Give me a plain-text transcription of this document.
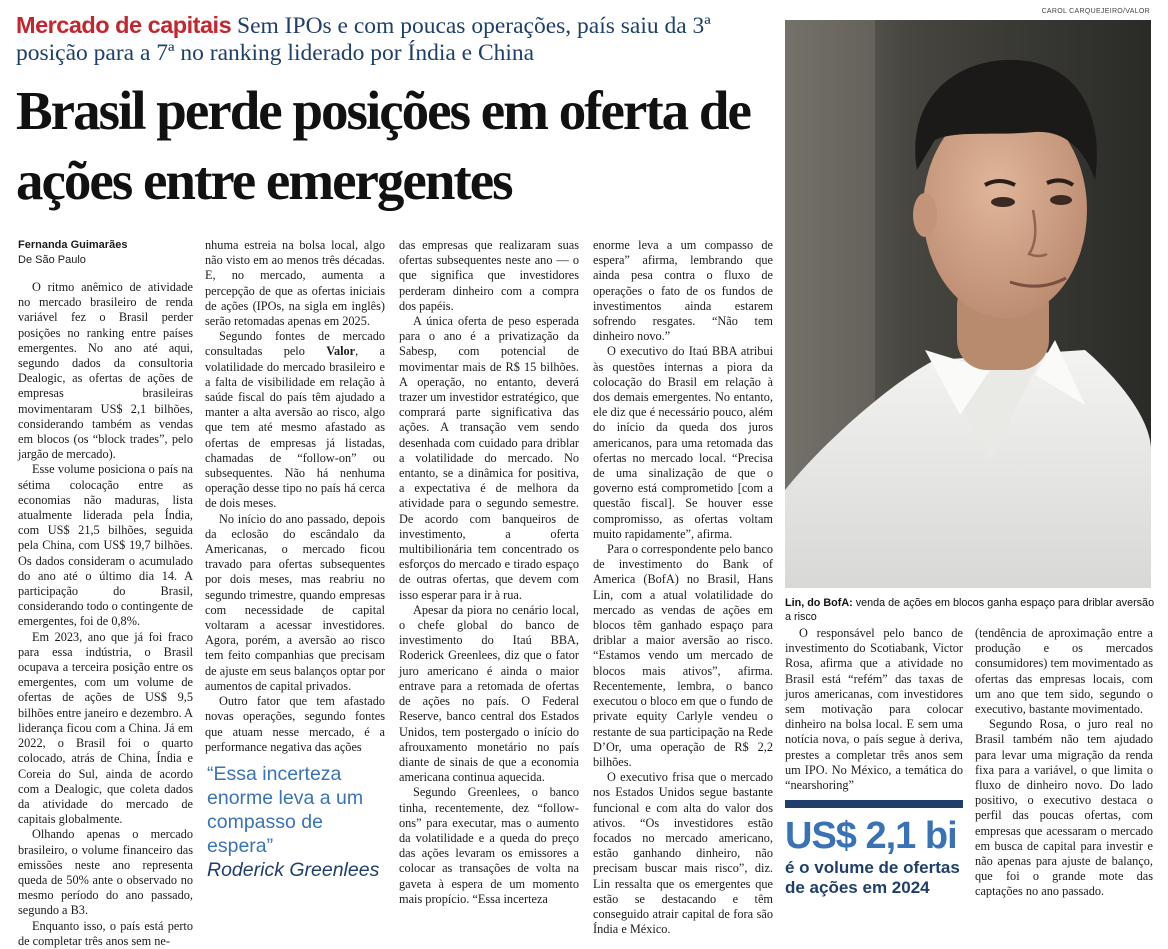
Mercado de capitais Sem IPOs e com poucas operações, país saiu da 3ª posição para a 7ª no ranking liderado por Índia e China
Brasil perde posições em oferta de ações entre emergentes
Fernanda Guimarães
De São Paulo

O ritmo anêmico de atividade no mercado brasileiro de renda variável fez o Brasil perder posições no ranking entre países emergentes. No ano até aqui, segundo dados da consultoria Dealogic, as ofertas de ações de empresas brasileiras movimentaram US$ 2,1 bilhões, considerando também as vendas em blocos (os “block trades”, pelo jargão de mercado).

Esse volume posiciona o país na sétima colocação entre as economias não maduras, lista atualmente liderada pela Índia, com US$ 21,5 bilhões, seguida pela China, com US$ 19,7 bilhões. Os dados consideram o acumulado do ano até o último dia 14. A participação do Brasil, considerando todo o contingente de emergentes, foi de 0,8%.

Em 2023, ano que já foi fraco para essa indústria, o Brasil ocupava a terceira posição entre os emergentes, com um volume de ofertas de ações de US$ 9,5 bilhões entre janeiro e dezembro. A liderança ficou com a China. Já em 2022, o Brasil foi o quarto colocado, atrás de China, Índia e Coreia do Sul, ainda de acordo com a Dealogic, que coleta dados da atividade do mercado de capitais globalmente.

Olhando apenas o mercado brasileiro, o volume financeiro das emissões neste ano representa queda de 50% ante o observado no mesmo período do ano passado, segundo a B3.

Enquanto isso, o país está perto de completar três anos sem ne-

nhuma estreia na bolsa local, algo não visto em ao menos três décadas. E, no mercado, aumenta a percepção de que as ofertas iniciais de ações (IPOs, na sigla em inglês) serão retomadas apenas em 2025.

Segundo fontes de mercado consultadas pelo Valor, a volatilidade do mercado brasileiro e a falta de visibilidade em relação à saúde fiscal do país têm ajudado a manter a alta aversão ao risco, algo que tem até mesmo afastado as ofertas de empresas já listadas, chamadas de “follow-on” ou subsequentes. Não há nenhuma operação desse tipo no país há cerca de dois meses.

No início do ano passado, depois da eclosão do escândalo da Americanas, o mercado ficou travado para ofertas subsequentes por dois meses, mas reabriu no segundo trimestre, quando empresas com necessidade de capital voltaram a acessar investidores. Agora, porém, a aversão ao risco tem feito companhias que precisam de ajuste em seus balanços optar por aumentos de capital privados.

Outro fator que tem afastado novas operações, segundo fontes que atuam nesse mercado, é a performance negativa das ações

“Essa incerteza enorme leva a um compasso de espera”
Roderick Greenlees

das empresas que realizaram suas ofertas subsequentes neste ano — o que significa que investidores perderam dinheiro com a compra dos papéis.

A única oferta de peso esperada para o ano é a privatização da Sabesp, com potencial de movimentar mais de R$ 15 bilhões. A operação, no entanto, deverá trazer um investidor estratégico, que comprará parte significativa das ações. A transação vem sendo desenhada com cuidado para driblar a volatilidade do mercado. No entanto, se a dinâmica for positiva, a expectativa é de melhora da atividade para o segundo semestre. De acordo com banqueiros de investimento, a oferta multibilionária tem concentrado os esforços do mercado e tirado espaço de outras ofertas, que devem com isso esperar para ir à rua.

Apesar da piora no cenário local, o chefe global do banco de investimento do Itaú BBA, Roderick Greenlees, diz que o fator juro americano é ainda o maior entrave para a retomada de ofertas de ações no país. O Federal Reserve, banco central dos Estados Unidos, tem postergado o início do afrouxamento monetário no país diante de sinais de que a economia americana continua aquecida.

Segundo Greenlees, o banco tinha, recentemente, dez “follow-ons” para executar, mas o aumento da volatilidade e a queda do preço das ações levaram os emissores a colocar as transações de volta na gaveta à espera de um momento mais propício. “Essa incerteza

enorme leva a um compasso de espera” afirma, lembrando que ainda pesa contra o fluxo de operações o fato de os fundos de investimentos ainda estarem sofrendo resgates. “Não tem dinheiro novo.”

O executivo do Itaú BBA atribui às questões internas a piora da colocação do Brasil em relação à dos demais emergentes. No entanto, ele diz que é necessário pouco, além do início da queda dos juros americanos, para uma retomada das ofertas no mercado local. “Precisa de uma sinalização de que o governo está comprometido [com a questão fiscal]. Se houver esse compromisso, as ofertas voltam muito rapidamente”, afirma.

Para o correspondente pelo banco de investimento do Bank of America (BofA) no Brasil, Hans Lin, com a atual volatilidade do mercado as vendas de ações em blocos têm ganhado espaço para driblar a maior aversão ao risco. “Estamos vendo um mercado de blocos mais ativos”, afirma. Recentemente, lembra, o banco executou o bloco em que o fundo de private equity Carlyle vendeu o restante de sua participação na Rede D’Or, uma operação de R$ 2,2 bilhões.

O executivo frisa que o mercado nos Estados Unidos segue bastante funcional e com alta do valor dos ativos. “Os investidores estão focados no mercado americano, estão ganhando dinheiro, não precisam buscar mais risco”, diz. Lin ressalta que os emergentes que estão se destacando e têm conseguido atrair capital de fora são Índia e México.

CAROL CARQUEJEIRO/VALOR
Lin, do BofA: venda de ações em blocos ganha espaço para driblar aversão a risco

O responsável pelo banco de investimento do Scotiabank, Victor Rosa, afirma que a atividade no Brasil está “refém” das taxas de juros americanas, com investidores sem motivação para colocar dinheiro na bolsa local. E sem uma notícia nova, o país segue à deriva, prestes a completar três anos sem um IPO. No México, a temática do “nearshoring”

US$ 2,1 bi
é o volume de ofertas de ações em 2024

(tendência de aproximação entre a produção e os mercados consumidores) tem movimentado as ofertas das empresas locais, com um ano que tem sido, segundo o executivo, bastante movimentado.

Segundo Rosa, o juro real no Brasil também não tem ajudado para levar uma migração da renda fixa para a variável, o que limita o fluxo de dinheiro novo. Do lado positivo, o executivo destaca o perfil das poucas ofertas, com empresas que acessaram o mercado em busca de capital para investir e não apenas para ajuste de balanço, que foi o grande mote das captações no ano passado.
